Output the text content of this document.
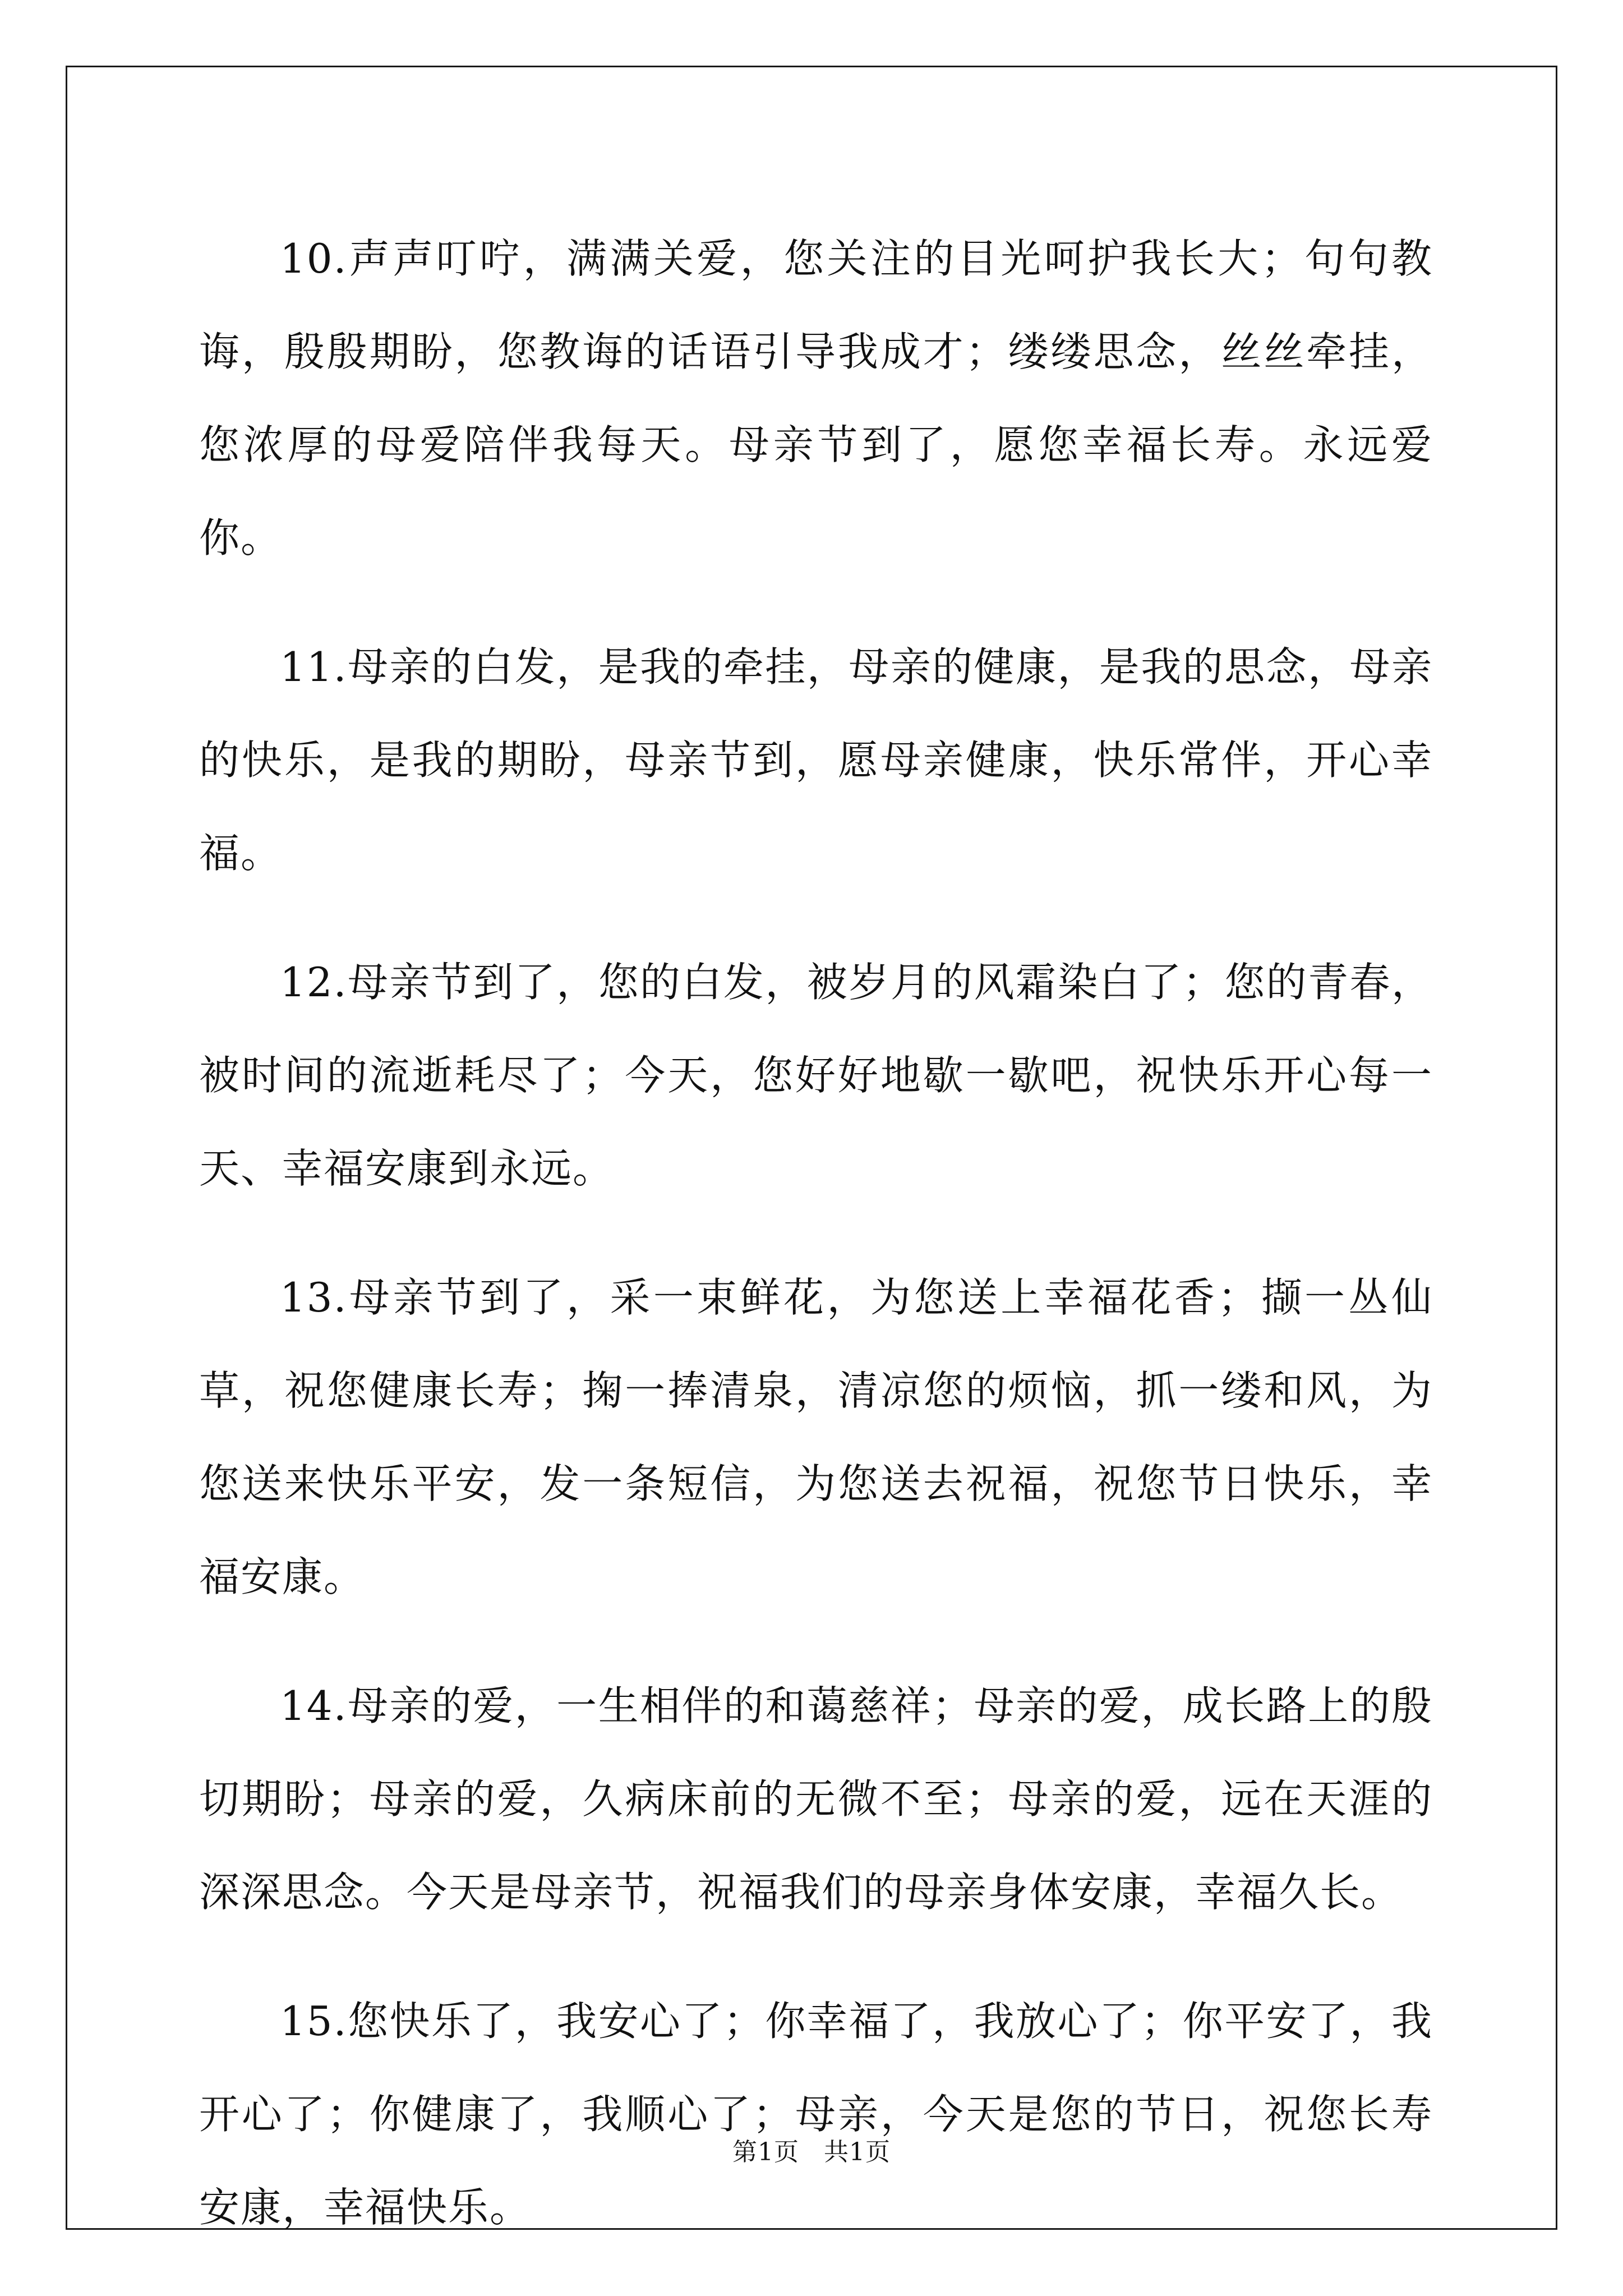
10.声声叮咛，满满关爱，您关注的目光呵护我长大；句句教诲，殷殷期盼，您教诲的话语引导我成才；缕缕思念，丝丝牵挂，您浓厚的母爱陪伴我每天。母亲节到了，愿您幸福长寿。永远爱你。

11.母亲的白发，是我的牵挂，母亲的健康，是我的思念，母亲的快乐，是我的期盼，母亲节到，愿母亲健康，快乐常伴，开心幸福。

12.母亲节到了，您的白发，被岁月的风霜染白了；您的青春，被时间的流逝耗尽了；今天，您好好地歇一歇吧，祝快乐开心每一天、幸福安康到永远。

13.母亲节到了，采一束鲜花，为您送上幸福花香；撷一丛仙草，祝您健康长寿；掬一捧清泉，清凉您的烦恼，抓一缕和风，为您送来快乐平安，发一条短信，为您送去祝福，祝您节日快乐，幸福安康。

14.母亲的爱，一生相伴的和蔼慈祥；母亲的爱，成长路上的殷切期盼；母亲的爱，久病床前的无微不至；母亲的爱，远在天涯的深深思念。今天是母亲节，祝福我们的母亲身体安康，幸福久长。

15.您快乐了，我安心了；你幸福了，我放心了；你平安了，我开心了；你健康了，我顺心了；母亲，今天是您的节日，祝您长寿安康，幸福快乐。

第1页 共1页
